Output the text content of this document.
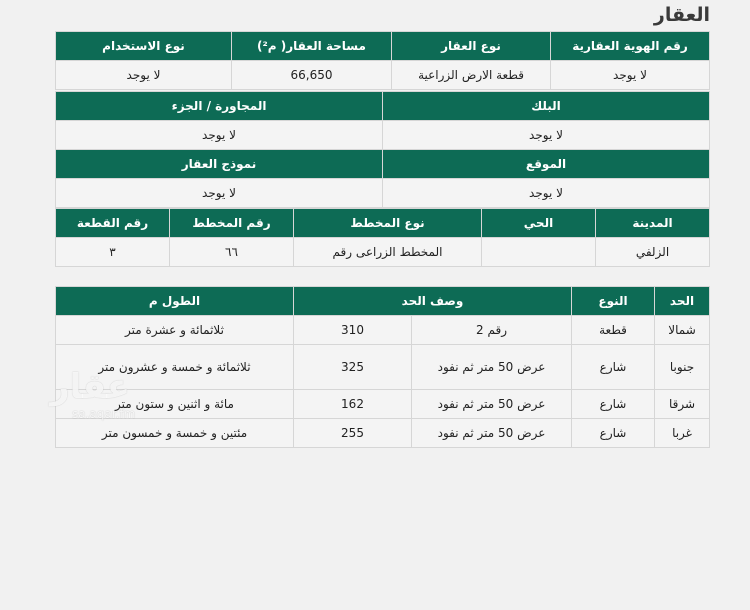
العقار
رقم الهوية العقارية	نوع العقار	مساحة العقار( م²)	نوع الاستخدام
لا يوجد	قطعة الارض الزراعية	66,650	لا يوجد
البلك	المجاورة / الجزء
لا يوجد	لا يوجد
الموقع	نموذج العقار
لا يوجد	لا يوجد
المدينة	الحي	نوع المخطط	رقم المخطط	رقم القطعة
الزلفي		المخطط الزراعى رقم	٦٦	٣
الحد	النوع	وصف الحد		الطول م
شمالا	قطعة	رقم 2	310	ثلاثمائة و عشرة متر
جنوبا	شارع	عرض 50 متر ثم نفود	325	ثلاثمائة و خمسة و عشرون متر
شرقا	شارع	عرض 50 متر ثم نفود	162	مائة و اثنين و ستون متر
غربا	شارع	عرض 50 متر ثم نفود	255	مئتين و خمسة و خمسون متر
عقار
sa.aqar.fm
